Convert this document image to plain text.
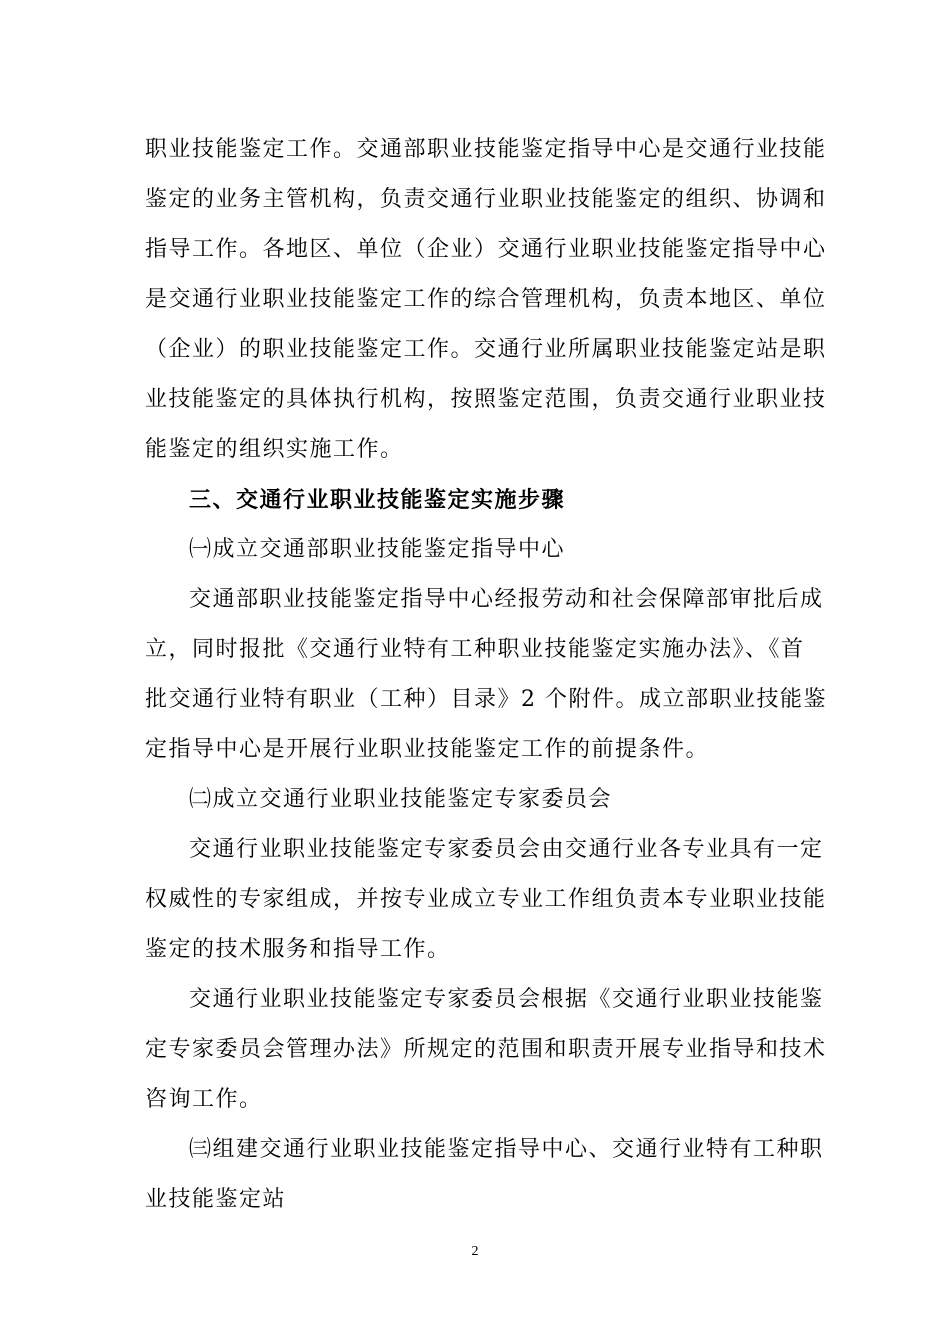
职业技能鉴定工作。交通部职业技能鉴定指导中心是交通行业技能
鉴定的业务主管机构，负责交通行业职业技能鉴定的组织、协调和
指导工作。各地区、单位（企业）交通行业职业技能鉴定指导中心
是交通行业职业技能鉴定工作的综合管理机构，负责本地区、单位
（企业）的职业技能鉴定工作。交通行业所属职业技能鉴定站是职
业技能鉴定的具体执行机构，按照鉴定范围，负责交通行业职业技
能鉴定的组织实施工作。
三、交通行业职业技能鉴定实施步骤
㈠成立交通部职业技能鉴定指导中心
交通部职业技能鉴定指导中心经报劳动和社会保障部审批后成
立，同时报批《交通行业特有工种职业技能鉴定实施办法》、《首
批交通行业特有职业（工种）目录》2 个附件。成立部职业技能鉴
定指导中心是开展行业职业技能鉴定工作的前提条件。
㈡成立交通行业职业技能鉴定专家委员会
交通行业职业技能鉴定专家委员会由交通行业各专业具有一定
权威性的专家组成，并按专业成立专业工作组负责本专业职业技能
鉴定的技术服务和指导工作。
交通行业职业技能鉴定专家委员会根据《交通行业职业技能鉴
定专家委员会管理办法》所规定的范围和职责开展专业指导和技术
咨询工作。
㈢组建交通行业职业技能鉴定指导中心、交通行业特有工种职
业技能鉴定站
2
